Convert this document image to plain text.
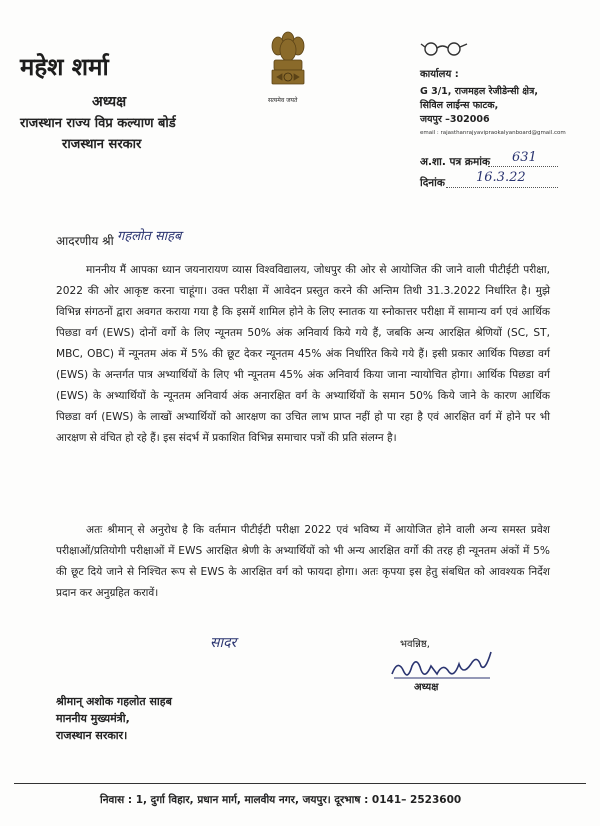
महेश शर्मा
अध्यक्ष
राजस्थान राज्य विप्र कल्याण बोर्ड
राजस्थान सरकार
सत्यमेव जयते
कार्यालय :
G 3/1, राजमहल रेजीडेन्सी क्षेत्र,
सिविल लाईन्स फाटक,
जयपुर –302006
email : rajasthanrajyavipraokalyanboard@gmail.com
अ.शा. पत्र क्रमांक 631
दिनांक 16.3.22
आदरणीय श्री गहलोत साहब
माननीय मैं आपका ध्यान जयनारायण व्यास विश्वविद्यालय, जोधपुर की ओर से आयोजित की जाने वाली पीटीईटी परीक्षा, 2022 की ओर आकृष्ट करना चाहूंगा। उक्त परीक्षा में आवेदन प्रस्तुत करने की अन्तिम तिथी 31.3.2022 निर्धारित है। मुझे विभिन्न संगठनों द्वारा अवगत कराया गया है कि इसमें शामिल होने के लिए स्नातक या स्नोकात्तर परीक्षा में सामान्य वर्ग एवं आर्थिक पिछडा वर्ग (EWS) दोनों वर्गो के लिए न्यूनतम 50% अंक अनिवार्य किये गये हैं, जबकि अन्य आरक्षित श्रेणियों (SC, ST, MBC, OBC) में न्यूनतम अंक में 5% की छूट देकर न्यूनतम 45% अंक निर्धारित किये गये हैं। इसी प्रकार आर्थिक पिछडा वर्ग (EWS) के अन्तर्गत पात्र अभ्यार्थियों के लिए भी न्यूनतम 45% अंक अनिवार्य किया जाना न्यायोचित होगा। आर्थिक पिछडा वर्ग (EWS) के अभ्यार्थियों के न्यूनतम अनिवार्य अंक अनारक्षित वर्ग के अभ्यार्थियों के समान 50% किये जाने के कारण आर्थिक पिछडा वर्ग (EWS) के लाखों अभ्यार्थियों को आरक्षण का उचित लाभ प्राप्त नहीं हो पा रहा है एवं आरक्षित वर्ग में होने पर भी आरक्षण से वंचित हो रहे हैं। इस संदर्भ में प्रकाशित विभिन्न समाचार पत्रों की प्रति संलग्न है।
अतः श्रीमान् से अनुरोध है कि वर्तमान पीटीईटी परीक्षा 2022 एवं भविष्य में आयोजित होने वाली अन्य समस्त प्रवेश परीक्षाओं/प्रतियोगी परीक्षाओं में EWS आरक्षित श्रेणी के अभ्यार्थियों को भी अन्य आरक्षित वर्गो की तरह ही न्यूनतम अंकों में 5% की छूट दिये जाने से निश्चित रूप से EWS के आरक्षित वर्ग को फायदा होगा। अतः कृपया इस हेतु संबधित को आवश्यक निर्देश प्रदान कर अनुग्रहित करावें।
सादर	भवन्निष्ठ,
अध्यक्ष
श्रीमान् अशोक गहलोत साहब
माननीय मुख्यमंत्री,
राजस्थान सरकार।
निवास : 1, दुर्गा विहार, प्रधान मार्ग, मालवीय नगर, जयपुर। दूरभाष : 0141– 2523600
